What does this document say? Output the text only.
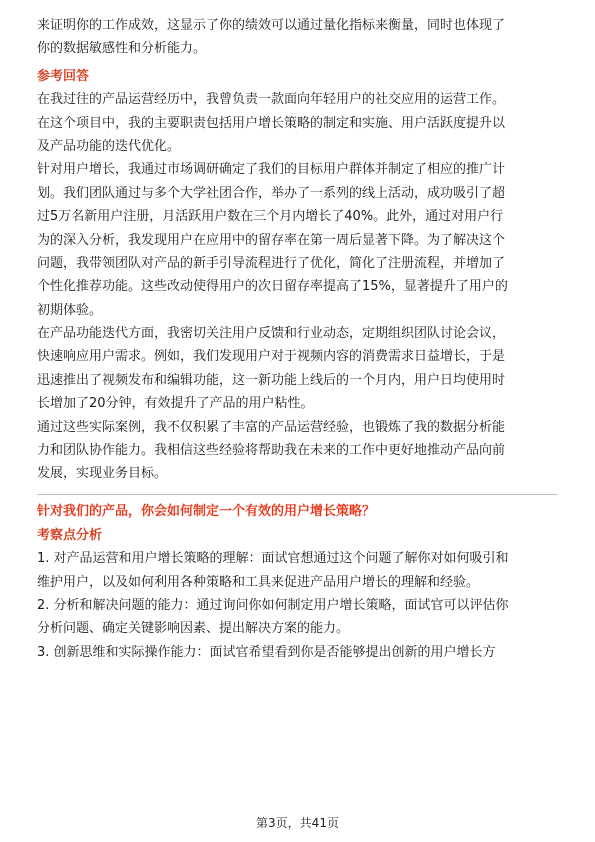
来证明你的工作成效，这显示了你的绩效可以通过量化指标来衡量，同时也体现了
你的数据敏感性和分析能力。
参考回答
在我过往的产品运营经历中，我曾负责一款面向年轻用户的社交应用的运营工作。
在这个项目中，我的主要职责包括用户增长策略的制定和实施、用户活跃度提升以
及产品功能的迭代优化。
针对用户增长，我通过市场调研确定了我们的目标用户群体并制定了相应的推广计
划。我们团队通过与多个大学社团合作，举办了一系列的线上活动，成功吸引了超
过5万名新用户注册，月活跃用户数在三个月内增长了40%。此外，通过对用户行
为的深入分析，我发现用户在应用中的留存率在第一周后显著下降。为了解决这个
问题，我带领团队对产品的新手引导流程进行了优化，简化了注册流程，并增加了
个性化推荐功能。这些改动使得用户的次日留存率提高了15%，显著提升了用户的
初期体验。
在产品功能迭代方面，我密切关注用户反馈和行业动态，定期组织团队讨论会议，
快速响应用户需求。例如，我们发现用户对于视频内容的消费需求日益增长，于是
迅速推出了视频发布和编辑功能，这一新功能上线后的一个月内，用户日均使用时
长增加了20分钟，有效提升了产品的用户粘性。
通过这些实际案例，我不仅积累了丰富的产品运营经验，也锻炼了我的数据分析能
力和团队协作能力。我相信这些经验将帮助我在未来的工作中更好地推动产品向前
发展，实现业务目标。
针对我们的产品，你会如何制定一个有效的用户增长策略？
考察点分析
1. 对产品运营和用户增长策略的理解：面试官想通过这个问题了解你对如何吸引和
维护用户，以及如何利用各种策略和工具来促进产品用户增长的理解和经验。
2. 分析和解决问题的能力：通过询问你如何制定用户增长策略，面试官可以评估你
分析问题、确定关键影响因素、提出解决方案的能力。
3. 创新思维和实际操作能力：面试官希望看到你是否能够提出创新的用户增长方
第3页，共41页
